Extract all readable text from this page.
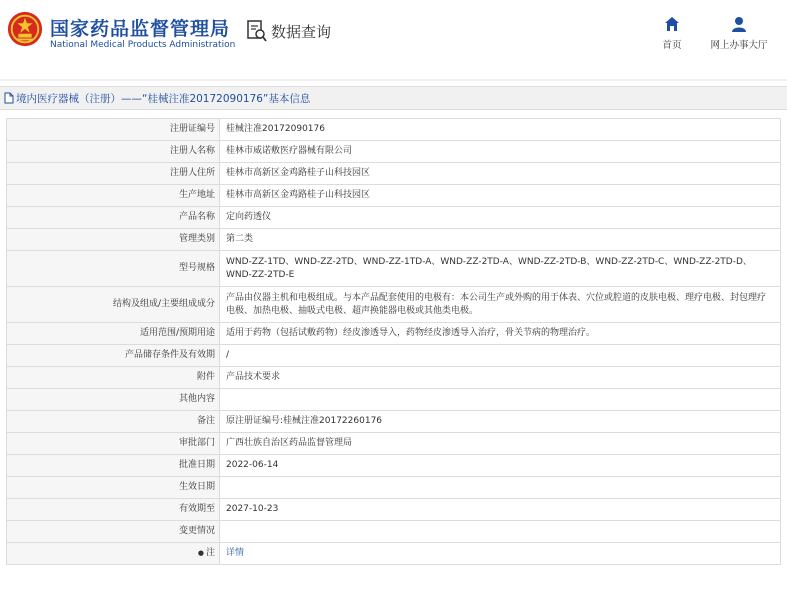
国家药品监督管理局
National Medical Products Administration
数据查询
首页	网上办事大厅
境内医疗器械（注册）——“桂械注准20172090176”基本信息
注册证编号	桂械注准20172090176
注册人名称	桂林市威诺敷医疗器械有限公司
注册人住所	桂林市高新区金鸡路桂子山科技园区
生产地址	桂林市高新区金鸡路桂子山科技园区
产品名称	定向药透仪
管理类别	第二类
型号规格	WND-ZZ-1TD、WND-ZZ-2TD、WND-ZZ-1TD-A、WND-ZZ-2TD-A、WND-ZZ-2TD-B、WND-ZZ-2TD-C、WND-ZZ-2TD-D、WND-ZZ-2TD-E
结构及组成/主要组成成分	产品由仪器主机和电极组成。与本产品配套使用的电极有：本公司生产或外购的用于体表、穴位或腔道的皮肤电极、理疗电极、封包理疗电极、加热电极、抽吸式电极、超声换能器电极或其他类电极。
适用范围/预期用途	适用于药物（包括试敷药物）经皮渗透导入，药物经皮渗透导入治疗，骨关节病的物理治疗。
产品储存条件及有效期	/
附件	产品技术要求
其他内容	
备注	原注册证编号:桂械注准20172260176
审批部门	广西壮族自治区药品监督管理局
批准日期	2022-06-14
生效日期	
有效期至	2027-10-23
变更情况	
● 注	详情
